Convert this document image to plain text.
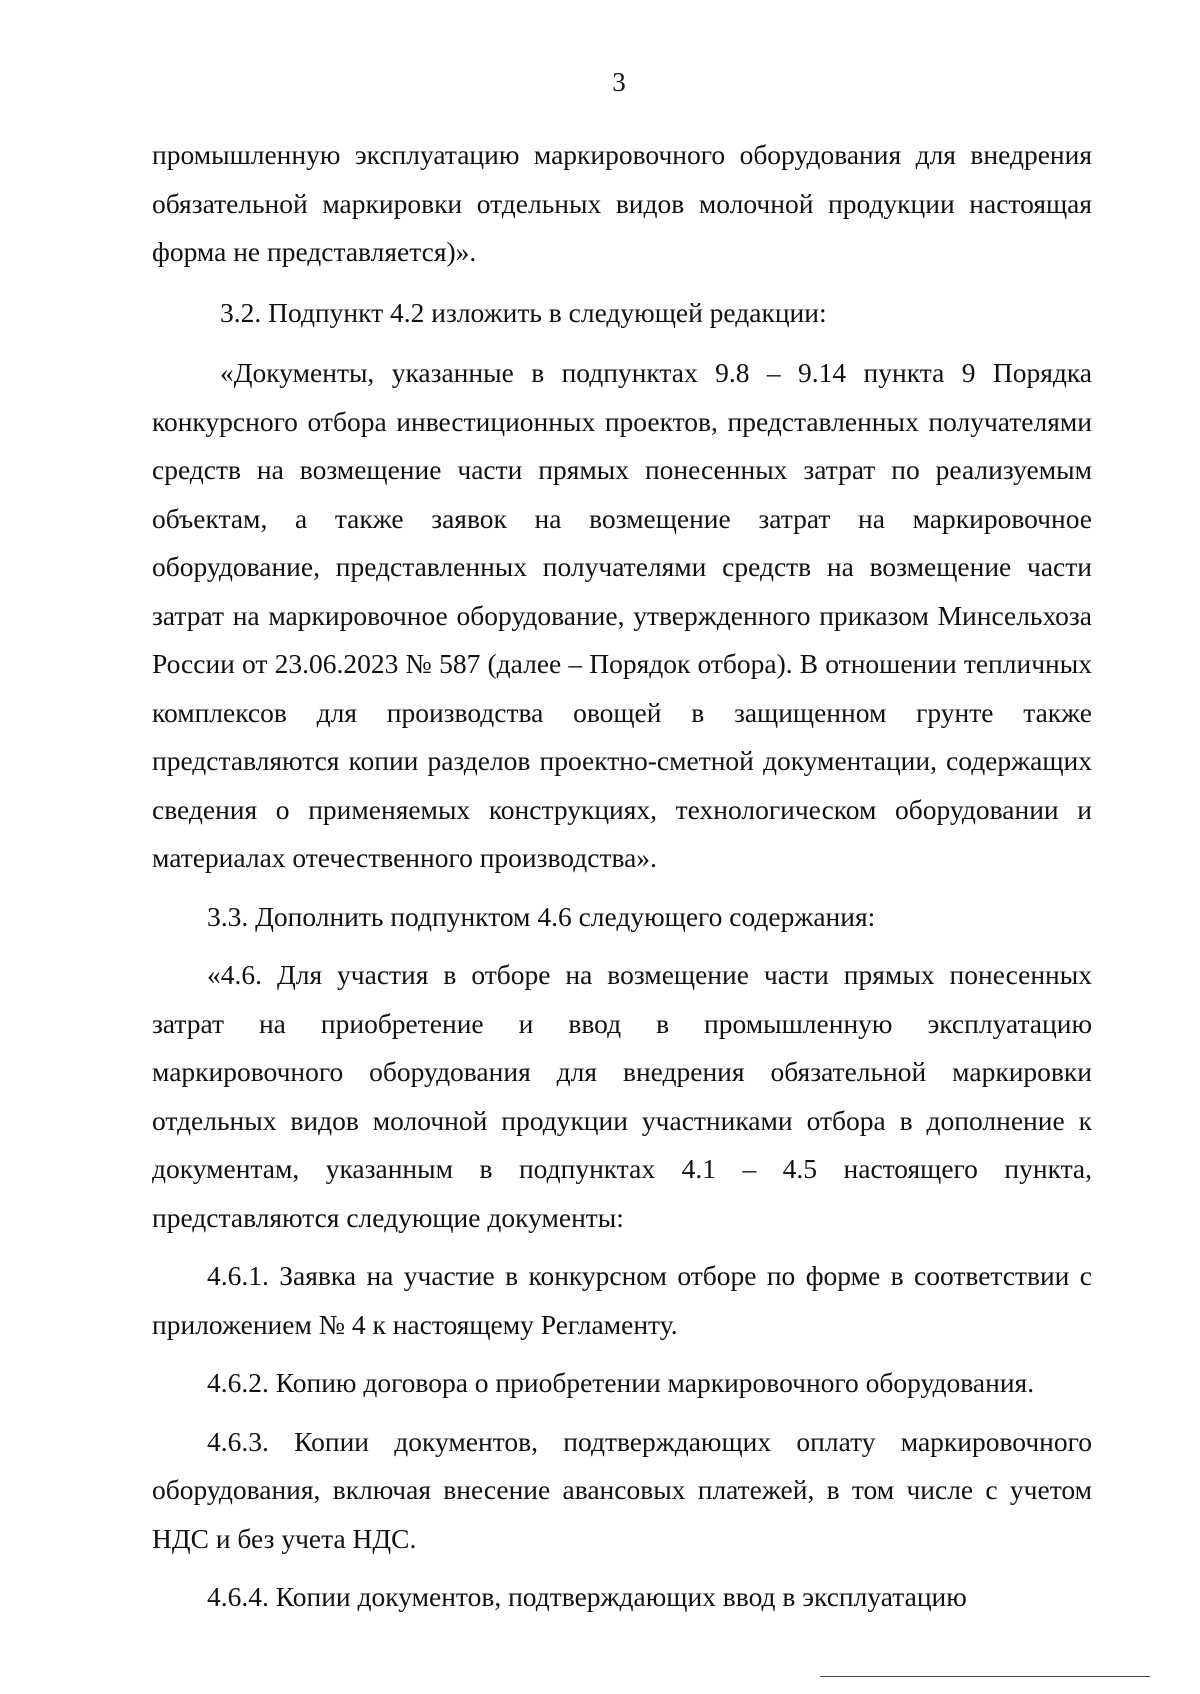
3

промышленную эксплуатацию маркировочного оборудования для внедрения обязательной маркировки отдельных видов молочной продукции настоящая форма не представляется)».

3.2. Подпункт 4.2 изложить в следующей редакции:

«Документы, указанные в подпунктах 9.8 – 9.14 пункта 9 Порядка конкурсного отбора инвестиционных проектов, представленных получателями средств на возмещение части прямых понесенных затрат по реализуемым объектам, а также заявок на возмещение затрат на маркировочное оборудование, представленных получателями средств на возмещение части затрат на маркировочное оборудование, утвержденного приказом Минсельхоза России от 23.06.2023 № 587 (далее – Порядок отбора). В отношении тепличных комплексов для производства овощей в защищенном грунте также представляются копии разделов проектно-сметной документации, содержащих сведения о применяемых конструкциях, технологическом оборудовании и материалах отечественного производства».

3.3. Дополнить подпунктом 4.6 следующего содержания:

«4.6. Для участия в отборе на возмещение части прямых понесенных затрат на приобретение и ввод в промышленную эксплуатацию маркировочного оборудования для внедрения обязательной маркировки отдельных видов молочной продукции участниками отбора в дополнение к документам, указанным в подпунктах 4.1 – 4.5 настоящего пункта, представляются следующие документы:

4.6.1. Заявка на участие в конкурсном отборе по форме в соответствии с приложением № 4 к настоящему Регламенту.

4.6.2. Копию договора о приобретении маркировочного оборудования.

4.6.3. Копии документов, подтверждающих оплату маркировочного оборудования, включая внесение авансовых платежей, в том числе с учетом НДС и без учета НДС.

4.6.4. Копии документов, подтверждающих ввод в эксплуатацию
